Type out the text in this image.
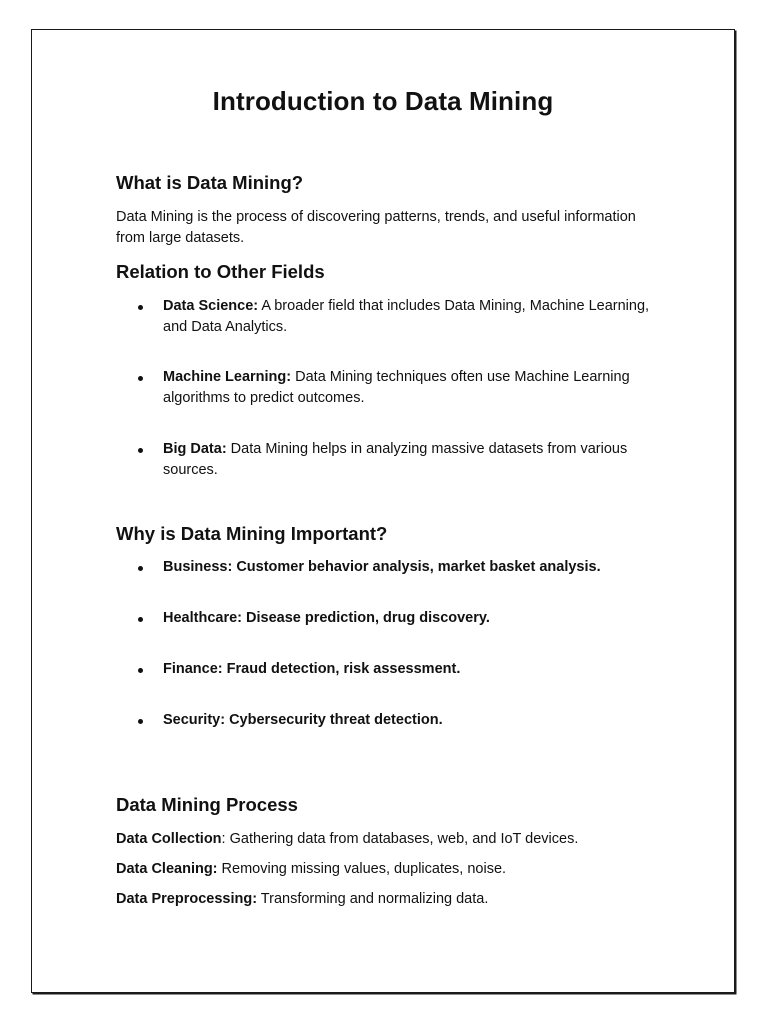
Introduction to Data Mining
What is Data Mining?

Data Mining is the process of discovering patterns, trends, and useful information from large datasets.

Relation to Other Fields
Data Science: A broader field that includes Data Mining, Machine Learning, and Data Analytics.
Machine Learning: Data Mining techniques often use Machine Learning algorithms to predict outcomes.
Big Data: Data Mining helps in analyzing massive datasets from various sources.
Why is Data Mining Important?
Business: Customer behavior analysis, market basket analysis.
Healthcare: Disease prediction, drug discovery.
Finance: Fraud detection, risk assessment.
Security: Cybersecurity threat detection.
Data Mining Process
Data Collection: Gathering data from databases, web, and IoT devices.
Data Cleaning: Removing missing values, duplicates, noise.
Data Preprocessing: Transforming and normalizing data.
